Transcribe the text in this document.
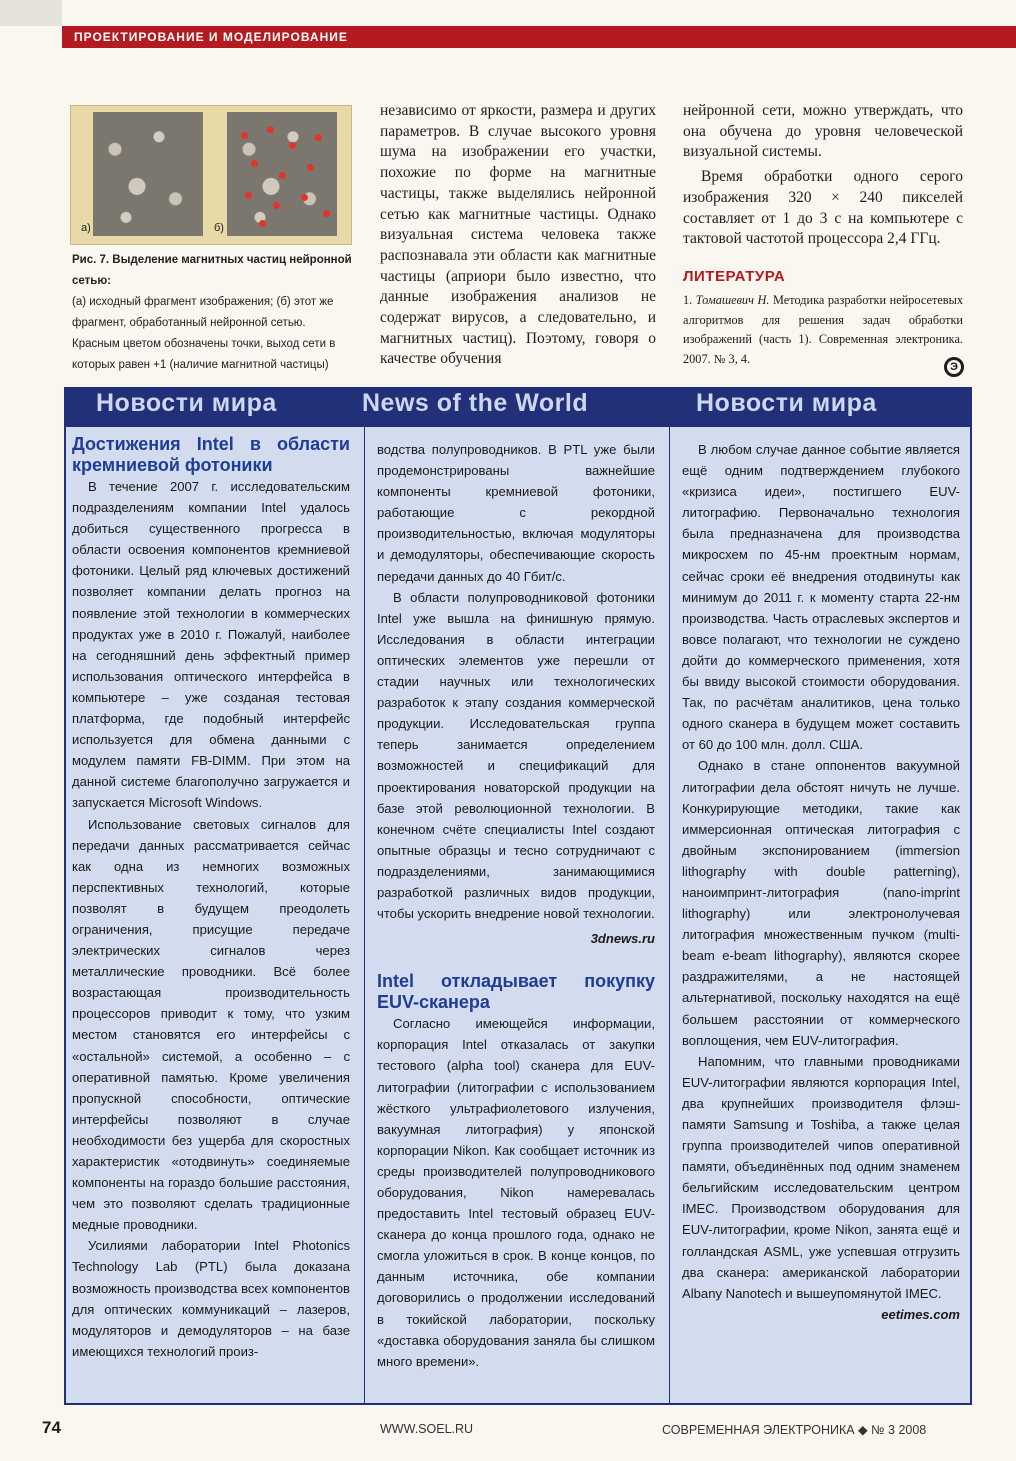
ПРОЕКТИРОВАНИЕ И МОДЕЛИРОВАНИЕ
а)	б)
Рис. 7. Выделение магнитных частиц нейронной сетью:
(а) исходный фрагмент изображения; (б) этот же фрагмент, обработанный нейронной сетью. Красным цветом обозначены точки, выход сети в которых равен +1 (наличие магнитной частицы)
независимо от яркости, размера и других параметров. В случае высокого уровня шума на изображении его участки, похожие по форме на магнитные частицы, также выделялись нейронной сетью как магнитные частицы. Однако визуальная система человека также распознавала эти области как магнитные частицы (априори было известно, что данные изображения анализов не содержат вирусов, а следовательно, и магнитных частиц). Поэтому, говоря о качестве обучения

нейронной сети, можно утверждать, что она обучена до уровня человеческой визуальной системы.

Время обработки одного серого изображения 320 × 240 пикселей составляет от 1 до 3 с на компьютере с тактовой частотой процессора 2,4 ГГц.

ЛИТЕРАТУРА
1. Томашевич Н. Методика разработки нейросетевых алгоритмов для решения задач обработки изображений (часть 1). Современная электроника. 2007. № 3, 4.
Э
Новости мира	News of the World	Новости мира
Достижения Intel в области кремниевой фотоники

В течение 2007 г. исследовательским подразделениям компании Intel удалось добиться существенного прогресса в области освоения компонентов кремниевой фотоники. Целый ряд ключевых достижений позволяет компании делать прогноз на появление этой технологии в коммерческих продуктах уже в 2010 г. Пожалуй, наиболее на сегодняшний день эффектный пример использования оптического интерфейса в компьютере – уже созданая тестовая платформа, где подобный интерфейс используется для обмена данными с модулем памяти FB-DIMM. При этом на данной системе благополучно загружается и запускается Microsoft Windows.

Использование световых сигналов для передачи данных рассматривается сейчас как одна из немногих возможных перспективных технологий, которые позволят в будущем преодолеть ограничения, присущие передаче электрических сигналов через металлические проводники. Всё более возрастающая производительность процессоров приводит к тому, что узким местом становятся его интерфейсы с «остальной» системой, а особенно – с оперативной памятью. Кроме увеличения пропускной способности, оптические интерфейсы позволяют в случае необходимости без ущерба для скоростных характеристик «отодвинуть» соединяемые компоненты на гораздо большие расстояния, чем это позволяют сделать традиционные медные проводники.

Усилиями лаборатории Intel Photonics Technology Lab (PTL) была доказана возможность производства всех компонентов для оптических коммуникаций – лазеров, модуляторов и демодуляторов – на базе имеющихся технологий произ-

водства полупроводников. В PTL уже были продемонстрированы важнейшие компоненты кремниевой фотоники, работающие с рекордной производительностью, включая модуляторы и демодуляторы, обеспечивающие скорость передачи данных до 40 Гбит/с.

В области полупроводниковой фотоники Intel уже вышла на финишную прямую. Исследования в области интеграции оптических элементов уже перешли от стадии научных или технологических разработок к этапу создания коммерческой продукции. Исследовательская группа теперь занимается определением возможностей и спецификаций для проектирования новаторской продукции на базе этой революционной технологии. В конечном счёте специалисты Intel создают опытные образцы и тесно сотрудничают с подразделениями, занимающимися разработкой различных видов продукции, чтобы ускорить внедрение новой технологии.

3dnews.ru
Intel откладывает покупку EUV-сканера

Согласно имеющейся информации, корпорация Intel отказалась от закупки тестового (alpha tool) сканера для EUV-литографии (литографии с использованием жёсткого ультрафиолетового излучения, вакуумная литография) у японской корпорации Nikon. Как сообщает источник из среды производителей полупроводникового оборудования, Nikon намеревалась предоставить Intel тестовый образец EUV-сканера до конца прошлого года, однако не смогла уложиться в срок. В конце концов, по данным источника, обе компании договорились о продолжении исследований в токийской лаборатории, поскольку «доставка оборудования заняла бы слишком много времени».

В любом случае данное событие является ещё одним подтверждением глубокого «кризиса идеи», постигшего EUV-литографию. Первоначально технология была предназначена для производства микросхем по 45-нм проектным нормам, сейчас сроки её внедрения отодвинуты как минимум до 2011 г. к моменту старта 22-нм производства. Часть отраслевых экспертов и вовсе полагают, что технологии не суждено дойти до коммерческого применения, хотя бы ввиду высокой стоимости оборудования. Так, по расчётам аналитиков, цена только одного сканера в будущем может составить от 60 до 100 млн. долл. США.

Однако в стане оппонентов вакуумной литографии дела обстоят ничуть не лучше. Конкурирующие методики, такие как иммерсионная оптическая литография с двойным экспонированием (immersion lithography with double patterning), наноимпринт-литография (nano-imprint lithography) или электронолучевая литография множественным пучком (multi-beam e-beam lithography), являются скорее раздражителями, а не настоящей альтернативой, поскольку находятся на ещё большем расстоянии от коммерческого воплощения, чем EUV-литография.

Напомним, что главными проводниками EUV-литографии являются корпорация Intel, два крупнейших производителя флэш-памяти Samsung и Toshiba, а также целая группа производителей чипов оперативной памяти, объединённых под одним знаменем бельгийским исследовательским центром IMEC. Производством оборудования для EUV-литографии, кроме Nikon, занята ещё и голландская ASML, уже успевшая отгрузить два сканера: американской лаборатории Albany Nanotech и вышеупомянутой IMEC.

eetimes.com
74	WWW.SOEL.RU	СОВРЕМЕННАЯ ЭЛЕКТРОНИКА ◆ № 3 2008
